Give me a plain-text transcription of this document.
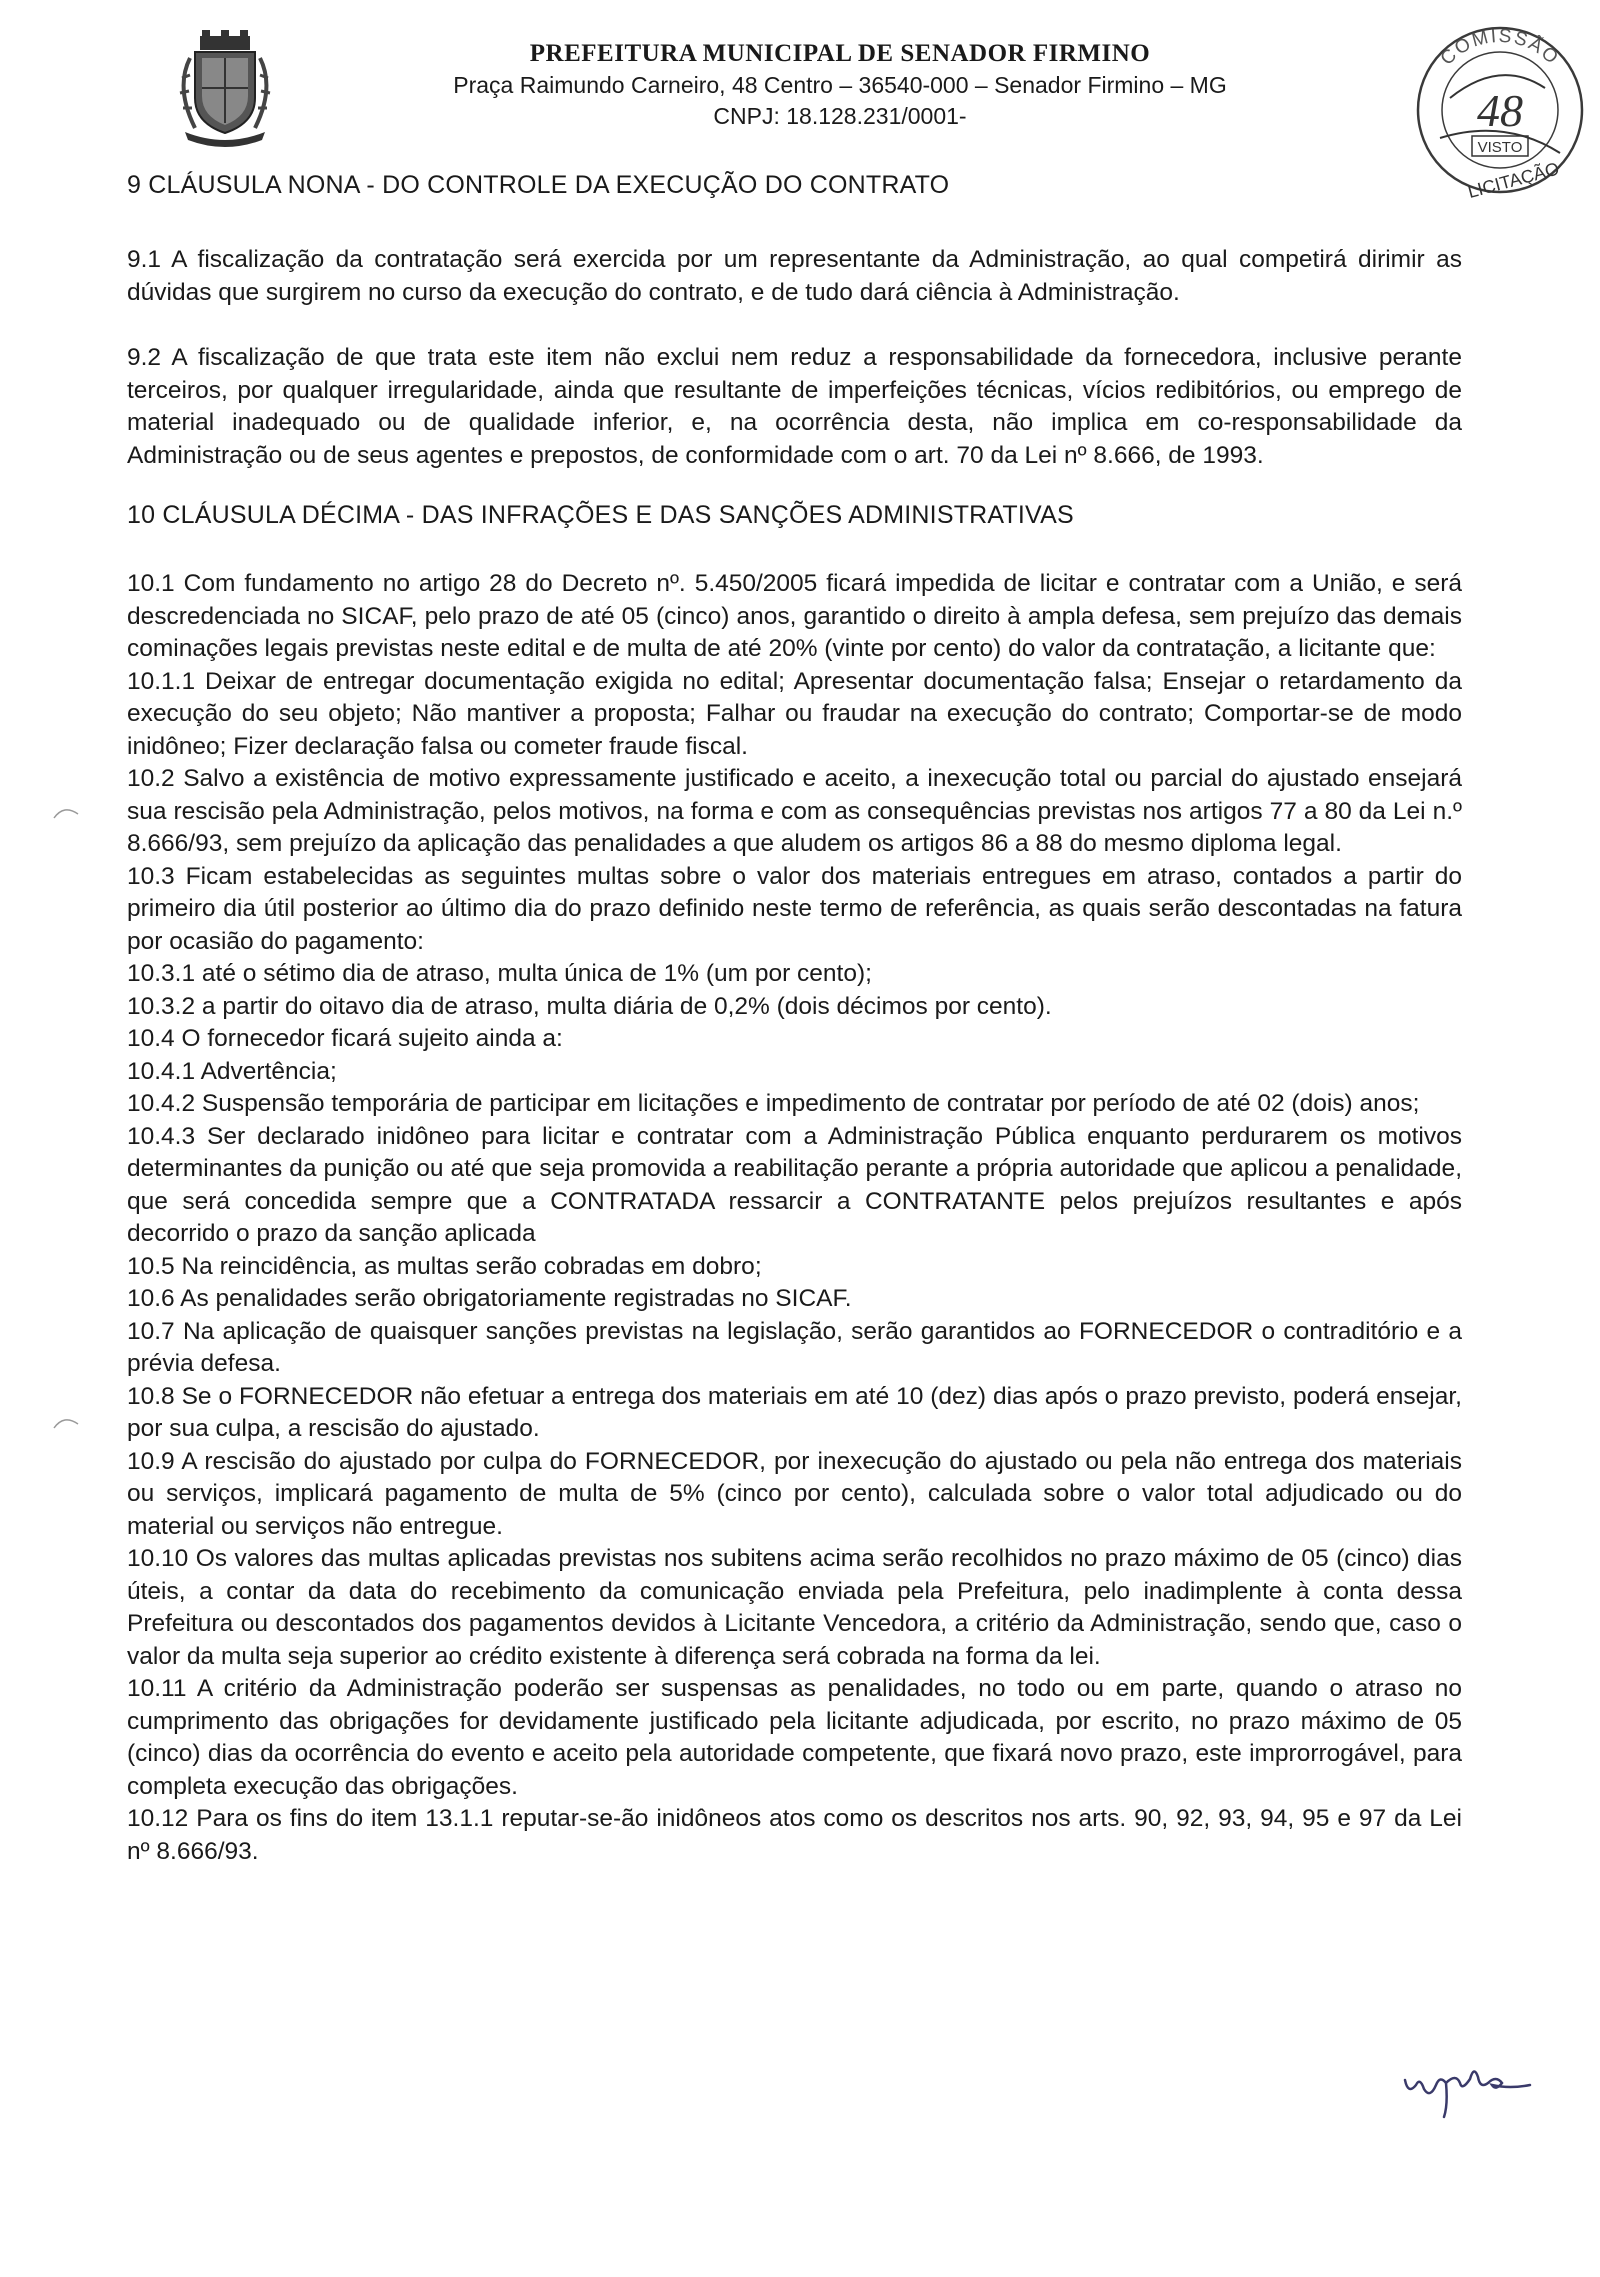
PREFEITURA MUNICIPAL DE SENADOR FIRMINO
Praça Raimundo Carneiro, 48 Centro – 36540-000 – Senador Firmino – MG
CNPJ: 18.128.231/0001-
COMISSÃO
48
VISTO
LICITAÇÃO

9 CLÁUSULA NONA - DO CONTROLE DA EXECUÇÃO DO CONTRATO

9.1 A fiscalização da contratação será exercida por um representante da Administração, ao qual competirá dirimir as dúvidas que surgirem no curso da execução do contrato, e de tudo dará ciência à Administração.

9.2 A fiscalização de que trata este item não exclui nem reduz a responsabilidade da fornecedora, inclusive perante terceiros, por qualquer irregularidade, ainda que resultante de imperfeições técnicas, vícios redibitórios, ou emprego de material inadequado ou de qualidade inferior, e, na ocorrência desta, não implica em co-responsabilidade da Administração ou de seus agentes e prepostos, de conformidade com o art. 70 da Lei nº 8.666, de 1993.

10 CLÁUSULA DÉCIMA - DAS INFRAÇÕES E DAS SANÇÕES ADMINISTRATIVAS

10.1 Com fundamento no artigo 28 do Decreto nº. 5.450/2005 ficará impedida de licitar e contratar com a União, e será descredenciada no SICAF, pelo prazo de até 05 (cinco) anos, garantido o direito à ampla defesa, sem prejuízo das demais cominações legais previstas neste edital e de multa de até 20% (vinte por cento) do valor da contratação, a licitante que:

10.1.1 Deixar de entregar documentação exigida no edital; Apresentar documentação falsa; Ensejar o retardamento da execução do seu objeto; Não mantiver a proposta; Falhar ou fraudar na execução do contrato; Comportar-se de modo inidôneo; Fizer declaração falsa ou cometer fraude fiscal.

10.2 Salvo a existência de motivo expressamente justificado e aceito, a inexecução total ou parcial do ajustado ensejará sua rescisão pela Administração, pelos motivos, na forma e com as consequências previstas nos artigos 77 a 80 da Lei n.º 8.666/93, sem prejuízo da aplicação das penalidades a que aludem os artigos 86 a 88 do mesmo diploma legal.

10.3 Ficam estabelecidas as seguintes multas sobre o valor dos materiais entregues em atraso, contados a partir do primeiro dia útil posterior ao último dia do prazo definido neste termo de referência, as quais serão descontadas na fatura por ocasião do pagamento:

10.3.1 até o sétimo dia de atraso, multa única de 1% (um por cento);

10.3.2 a partir do oitavo dia de atraso, multa diária de 0,2% (dois décimos por cento).

10.4 O fornecedor ficará sujeito ainda a:

10.4.1 Advertência;

10.4.2 Suspensão temporária de participar em licitações e impedimento de contratar por período de até 02 (dois) anos;

10.4.3 Ser declarado inidôneo para licitar e contratar com a Administração Pública enquanto perdurarem os motivos determinantes da punição ou até que seja promovida a reabilitação perante a própria autoridade que aplicou a penalidade, que será concedida sempre que a CONTRATADA ressarcir a CONTRATANTE pelos prejuízos resultantes e após decorrido o prazo da sanção aplicada

10.5 Na reincidência, as multas serão cobradas em dobro;

10.6 As penalidades serão obrigatoriamente registradas no SICAF.

10.7 Na aplicação de quaisquer sanções previstas na legislação, serão garantidos ao FORNECEDOR o contraditório e a prévia defesa.

10.8 Se o FORNECEDOR não efetuar a entrega dos materiais em até 10 (dez) dias após o prazo previsto, poderá ensejar, por sua culpa, a rescisão do ajustado.

10.9 A rescisão do ajustado por culpa do FORNECEDOR, por inexecução do ajustado ou pela não entrega dos materiais ou serviços, implicará pagamento de multa de 5% (cinco por cento), calculada sobre o valor total adjudicado ou do material ou serviços não entregue.

10.10 Os valores das multas aplicadas previstas nos subitens acima serão recolhidos no prazo máximo de 05 (cinco) dias úteis, a contar da data do recebimento da comunicação enviada pela Prefeitura, pelo inadimplente à conta dessa Prefeitura ou descontados dos pagamentos devidos à Licitante Vencedora, a critério da Administração, sendo que, caso o valor da multa seja superior ao crédito existente à diferença será cobrada na forma da lei.

10.11 A critério da Administração poderão ser suspensas as penalidades, no todo ou em parte, quando o atraso no cumprimento das obrigações for devidamente justificado pela licitante adjudicada, por escrito, no prazo máximo de 05 (cinco) dias da ocorrência do evento e aceito pela autoridade competente, que fixará novo prazo, este improrrogável, para completa execução das obrigações.

10.12 Para os fins do item 13.1.1 reputar-se-ão inidôneos atos como os descritos nos arts. 90, 92, 93, 94, 95 e 97 da Lei nº 8.666/93.
